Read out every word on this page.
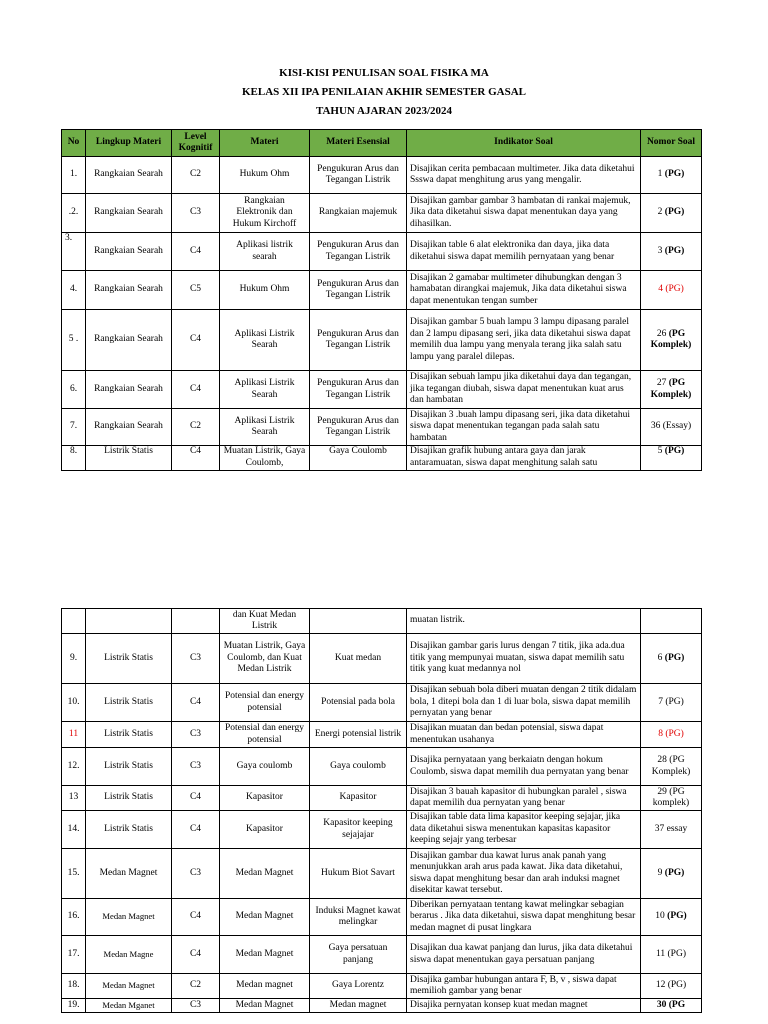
KISI-KISI PENULISAN SOAL FISIKA MA
KELAS XII IPA PENILAIAN AKHIR SEMESTER GASAL
TAHUN AJARAN 2023/2024
No	Lingkup Materi	Level Kognitif	Materi	Materi Esensial	Indikator Soal	Nomor Soal
1.	Rangkaian Searah	C2	Hukum Ohm	Pengukuran Arus dan Tegangan Listrik	Disajikan cerita pembacaan multimeter. Jika data diketahui Ssswa dapat menghitung arus yang mengalir.	1 (PG)
.2.	Rangkaian Searah	C3	Rangkaian Elektronik dan Hukum Kirchoff	Rangkaian majemuk	Disajikan gambar gambar 3 hambatan di rankai majemuk, Jika data diketahui siswa dapat menentukan daya yang dihasilkan.	2 (PG)
3.	Rangkaian Searah	C4	Aplikasi listrik searah	Pengukuran Arus dan Tegangan Listrik	Disajikan table 6 alat elektronika dan daya, jika data diketahui siswa dapat memilih pernyataan yang benar	3 (PG)
4.	Rangkaian Searah	C5	Hukum Ohm	Pengukuran Arus dan Tegangan Listrik	Disajikan 2 gamabar multimeter dihubungkan dengan 3 hamabatan dirangkai majemuk, Jika data diketahui siswa dapat menentukan tengan sumber	4 (PG)
5 .	Rangkaian Searah	C4	Aplikasi Listrik Searah	Pengukuran Arus dan Tegangan Listrik	Disajikan gambar 5 buah lampu 3 lampu dipasang paralel dan 2 lampu dipasang seri, jika data diketahui siswa dapat memilih dua lampu yang menyala terang jika salah satu lampu yang paralel dilepas.	26 (PG Komplek)
6.	Rangkaian Searah	C4	Aplikasi Listrik Searah	Pengukuran Arus dan Tegangan Listrik	Disajikan sebuah lampu jika diketahui daya dan tegangan, jika tegangan diubah, siswa dapat menentukan kuat arus dan hambatan	27 (PG Komplek)
7.	Rangkaian Searah	C2	Aplikasi Listrik Searah	Pengukuran Arus dan Tegangan Listrik	Disajikan 3 .buah lampu dipasang seri, jika data diketahui siswa dapat menentukan tegangan pada salah satu hambatan	36 (Essay)
8.	Listrik Statis	C4	Muatan Listrik, Gaya Coulomb,	Gaya Coulomb	Disajikan grafik hubung antara gaya dan jarak antaramuatan, siswa dapat menghitung salah satu	5 (PG)
			dan Kuat Medan Listrik		muatan listrik.	
9.	Listrik Statis	C3	Muatan Listrik, Gaya Coulomb, dan Kuat Medan Listrik	Kuat medan	Disajikan gambar garis lurus dengan 7 titik, jika ada.dua titik yang mempunyai muatan, siswa dapat memilih satu titik yang kuat medannya nol	6 (PG)
10.	Listrik Statis	C4	Potensial dan energy potensial	Potensial pada bola	Disajikan sebuah bola diberi muatan dengan 2 titik didalam bola, 1 ditepi bola dan 1 di luar bola, siswa dapat memilih pernyatan yang benar	7 (PG)
11	Listrik Statis	C3	Potensial dan energy potensial	Energi potensial listrik	Disajikan muatan dan bedan potensial, siswa dapat menentukan usahanya	8 (PG)
12.	Listrik Statis	C3	Gaya coulomb	Gaya coulomb	Disajika pernyataan yang berkaiatn dengan hokum Coulomb, siswa dapat memilih dua pernyatan yang benar	28 (PG Komplek)
13	Listrik Statis	C4	Kapasitor	Kapasitor	Disajikan 3 bauah kapasitor di hubungkan paralel , siswa dapat memilih dua pernyatan yang benar	29 (PG komplek)
14.	Listrik Statis	C4	Kapasitor	Kapasitor keeping sejajajar	Disajikan table data lima kapasitor keeping sejajar, jika data diketahui siswa menentukan kapasitas kapasitor keeping sejajr yang terbesar	37 essay
15.	Medan Magnet	C3	Medan Magnet	Hukum Biot Savart	Disajikan gambar dua kawat lurus anak panah yang menunjukkan arah arus pada kawat. Jika data diketahui, siswa dapat menghitung besar dan arah induksi magnet disekitar kawat tersebut.	9 (PG)
16.	Medan Magnet	C4	Medan Magnet	Induksi Magnet kawat melingkar	Diberikan pernyataan tentang kawat melingkar sebagian berarus . Jika data diketahui, siswa dapat menghitung besar medan magnet di pusat lingkara	10 (PG)
17.	Medan Magne	C4	Medan Magnet	Gaya persatuan panjang	Disajikan dua kawat panjang dan lurus, jika data diketahui siswa dapat menentukan gaya persatuan panjang	11 (PG)
18.	Medan Magnet	C2	Medan magnet	Gaya Lorentz	Disajika gambar hubungan antara F, B, v , siswa dapat memilioh gambar yang benar	12 (PG)
19.	Medan Mganet	C3	Medan Magnet	Medan magnet	Disajika pernyatan konsep kuat medan magnet	30 (PG
